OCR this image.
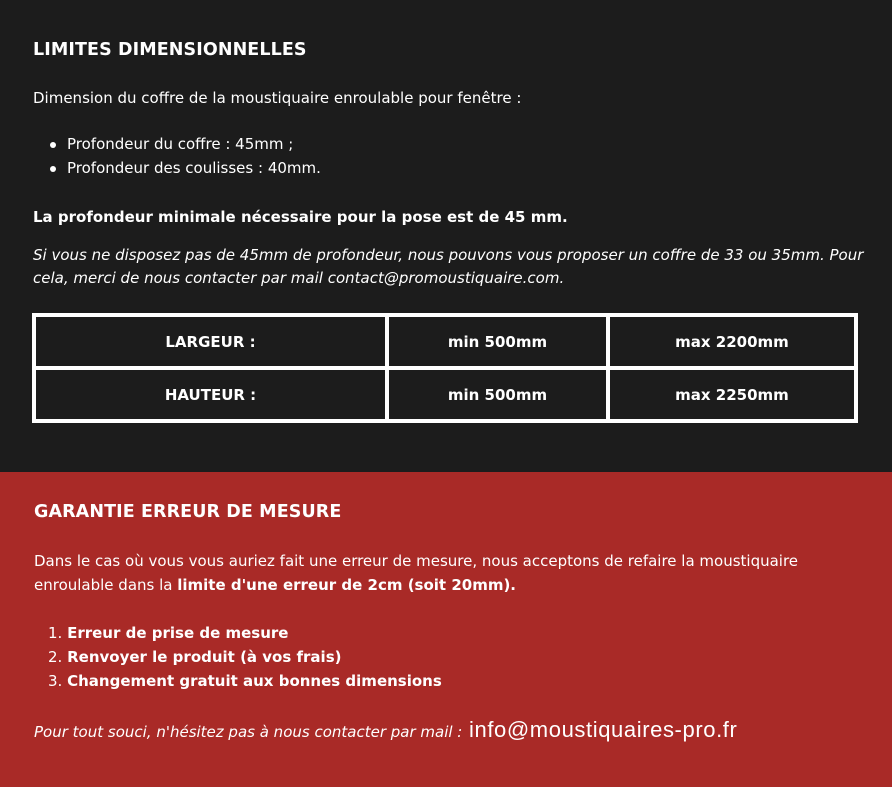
LIMITES DIMENSIONNELLES
Dimension du coffre de la moustiquaire enroulable pour fenêtre :
Profondeur du coffre : 45mm ;
Profondeur des coulisses : 40mm.
La profondeur minimale nécessaire pour la pose est de 45 mm.
Si vous ne disposez pas de 45mm de profondeur, nous pouvons vous proposer un coffre de 33 ou 35mm. Pour
cela, merci de nous contacter par mail contact@promoustiquaire.com.
LARGEUR :	min 500mm	max 2200mm
HAUTEUR :	min 500mm	max 2250mm
GARANTIE ERREUR DE MESURE
Dans le cas où vous vous auriez fait une erreur de mesure, nous acceptons de refaire la moustiquaire
enroulable dans la limite d'une erreur de 2cm (soit 20mm).
1. Erreur de prise de mesure
2. Renvoyer le produit (à vos frais)
3. Changement gratuit aux bonnes dimensions
Pour tout souci, n'hésitez pas à nous contacter par mail : info@moustiquaires-pro.fr
